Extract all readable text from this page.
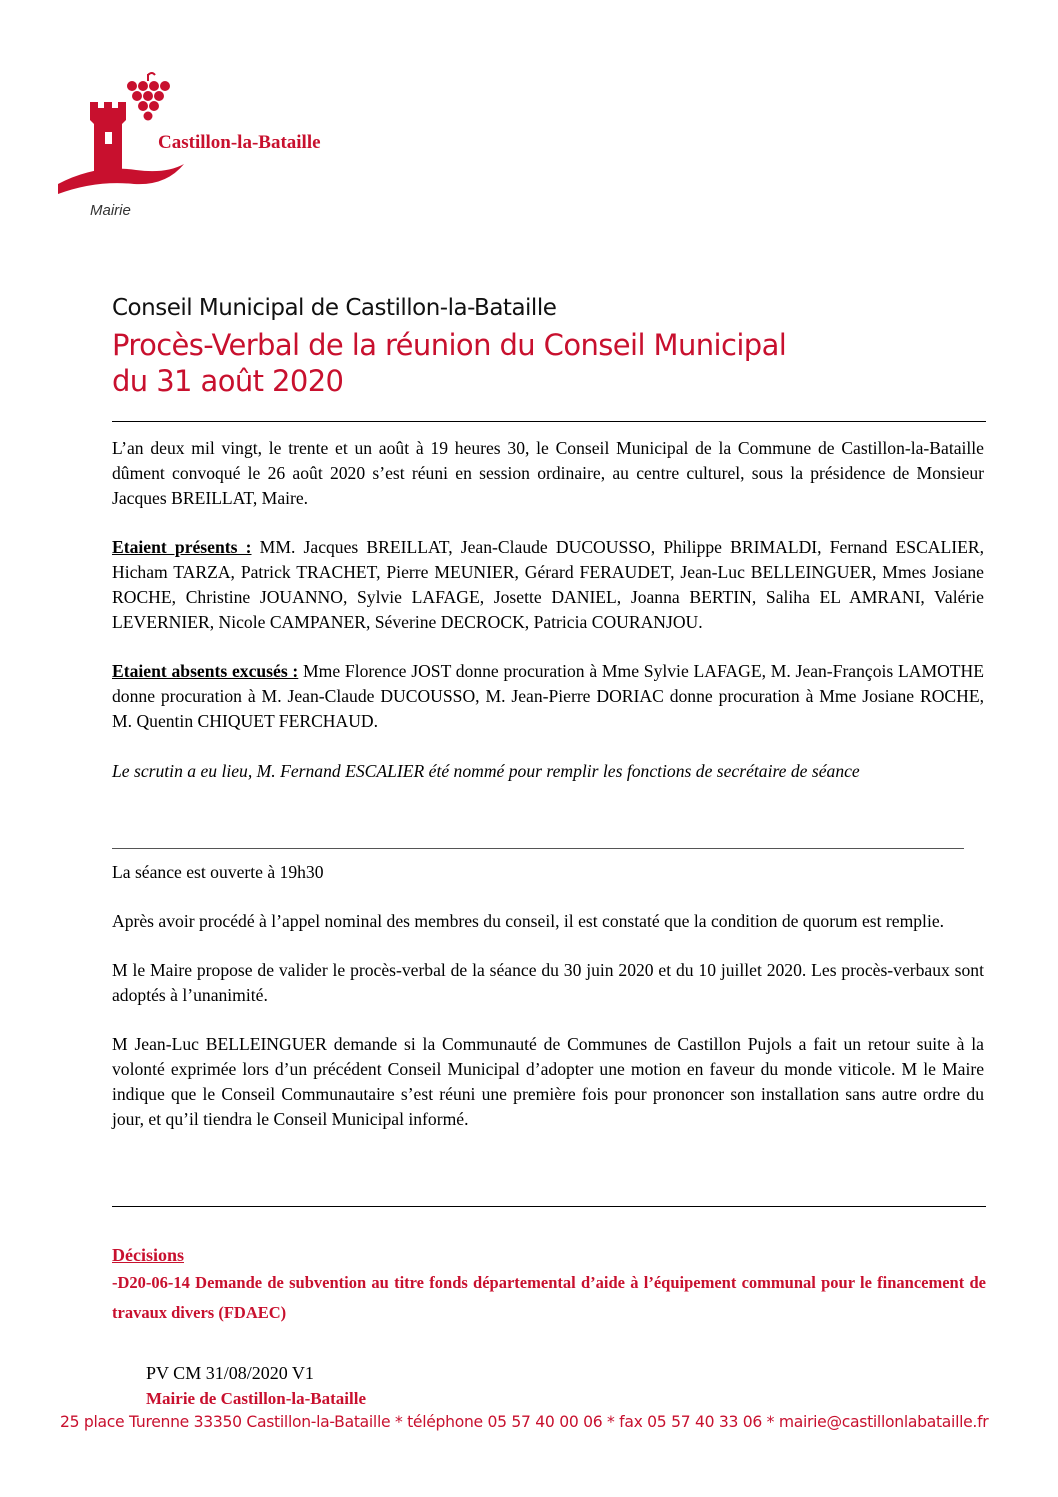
Castillon-la-Bataille
Mairie
Conseil Municipal de Castillon-la-Bataille
Procès-Verbal de la réunion du Conseil Municipal
du 31 août 2020

L’an deux mil vingt, le trente et un août à 19 heures 30, le Conseil Municipal de la Commune de Castillon-la-Bataille dûment convoqué le 26 août 2020 s’est réuni en session ordinaire, au centre culturel, sous la présidence de Monsieur Jacques BREILLAT, Maire.

Etaient présents : MM. Jacques BREILLAT, Jean-Claude DUCOUSSO, Philippe BRIMALDI, Fernand ESCALIER, Hicham TARZA, Patrick TRACHET, Pierre MEUNIER, Gérard FERAUDET, Jean-Luc BELLEINGUER, Mmes Josiane ROCHE, Christine JOUANNO, Sylvie LAFAGE, Josette DANIEL, Joanna BERTIN, Saliha EL AMRANI, Valérie LEVERNIER, Nicole CAMPANER, Séverine DECROCK, Patricia COURANJOU.

Etaient absents excusés : Mme Florence JOST donne procuration à Mme Sylvie LAFAGE, M. Jean-François LAMOTHE donne procuration à M. Jean-Claude DUCOUSSO, M. Jean-Pierre DORIAC donne procuration à Mme Josiane ROCHE, M. Quentin CHIQUET FERCHAUD.

Le scrutin a eu lieu, M. Fernand ESCALIER été nommé pour remplir les fonctions de secrétaire de séance

La séance est ouverte à 19h30

Après avoir procédé à l’appel nominal des membres du conseil, il est constaté que la condition de quorum est remplie.

M le Maire propose de valider le procès-verbal de la séance du 30 juin 2020 et du 10 juillet 2020. Les procès-verbaux sont adoptés à l’unanimité.

M Jean-Luc BELLEINGUER demande si la Communauté de Communes de Castillon Pujols a fait un retour suite à la volonté exprimée lors d’un précédent Conseil Municipal d’adopter une motion en faveur du monde viticole. M le Maire indique que le Conseil Communautaire s’est réuni une première fois pour prononcer son installation sans autre ordre du jour, et qu’il tiendra le Conseil Municipal informé.

Décisions
-D20-06-14 Demande de subvention au titre fonds départemental d’aide à l’équipement communal pour le financement de travaux divers (FDAEC)
PV CM 31/08/2020 V1
Mairie de Castillon-la-Bataille
25 place Turenne 33350 Castillon-la-Bataille * téléphone 05 57 40 00 06 * fax 05 57 40 33 06 * mairie@castillonlabataille.fr
